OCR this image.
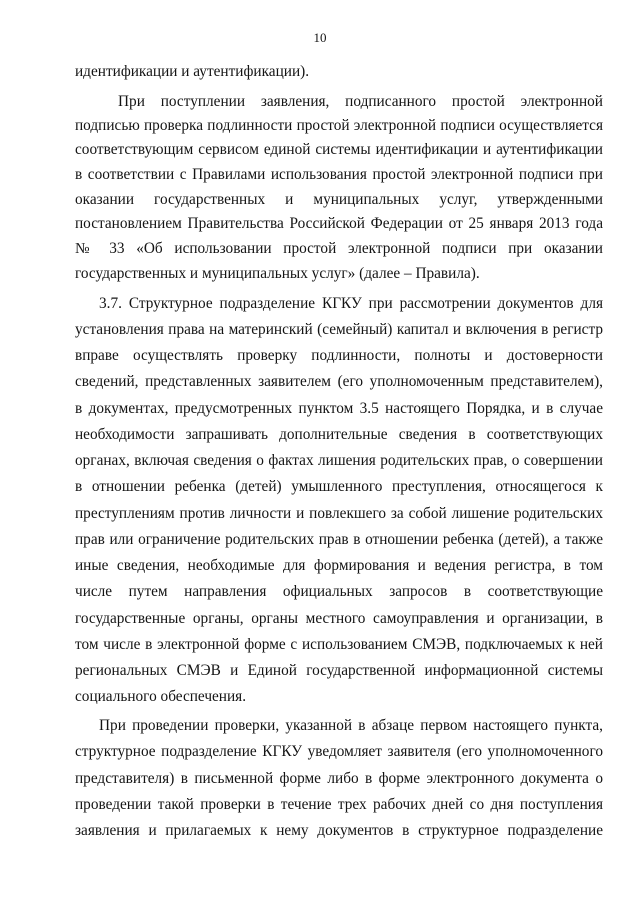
10
идентификации и аутентификации).
При поступлении заявления, подписанного простой электронной
подписью проверка подлинности простой электронной подписи осуществляется
соответствующим сервисом единой системы идентификации и аутентификации
в соответствии с Правилами использования простой электронной подписи при
оказании государственных и муниципальных услуг, утвержденными
постановлением Правительства Российской Федерации от 25 января 2013 года
№ 33 «Об использовании простой электронной подписи при оказании
государственных и муниципальных услуг» (далее – Правила).
3.7. Структурное подразделение КГКУ при рассмотрении документов для
установления права на материнский (семейный) капитал и включения в регистр
вправе осуществлять проверку подлинности, полноты и достоверности
сведений, представленных заявителем (его уполномоченным представителем),
в документах, предусмотренных пунктом 3.5 настоящего Порядка, и в случае
необходимости запрашивать дополнительные сведения в соответствующих
органах, включая сведения о фактах лишения родительских прав, о совершении
в отношении ребенка (детей) умышленного преступления, относящегося к
преступлениям против личности и повлекшего за собой лишение родительских
прав или ограничение родительских прав в отношении ребенка (детей), а также
иные сведения, необходимые для формирования и ведения регистра, в том
числе путем направления официальных запросов в соответствующие
государственные органы, органы местного самоуправления и организации, в
том числе в электронной форме с использованием СМЭВ, подключаемых к ней
региональных СМЭВ и Единой государственной информационной системы
социального обеспечения.
При проведении проверки, указанной в абзаце первом настоящего пункта,
структурное подразделение КГКУ уведомляет заявителя (его уполномоченного
представителя) в письменной форме либо в форме электронного документа о
проведении такой проверки в течение трех рабочих дней со дня поступления
заявления и прилагаемых к нему документов в структурное подразделение
